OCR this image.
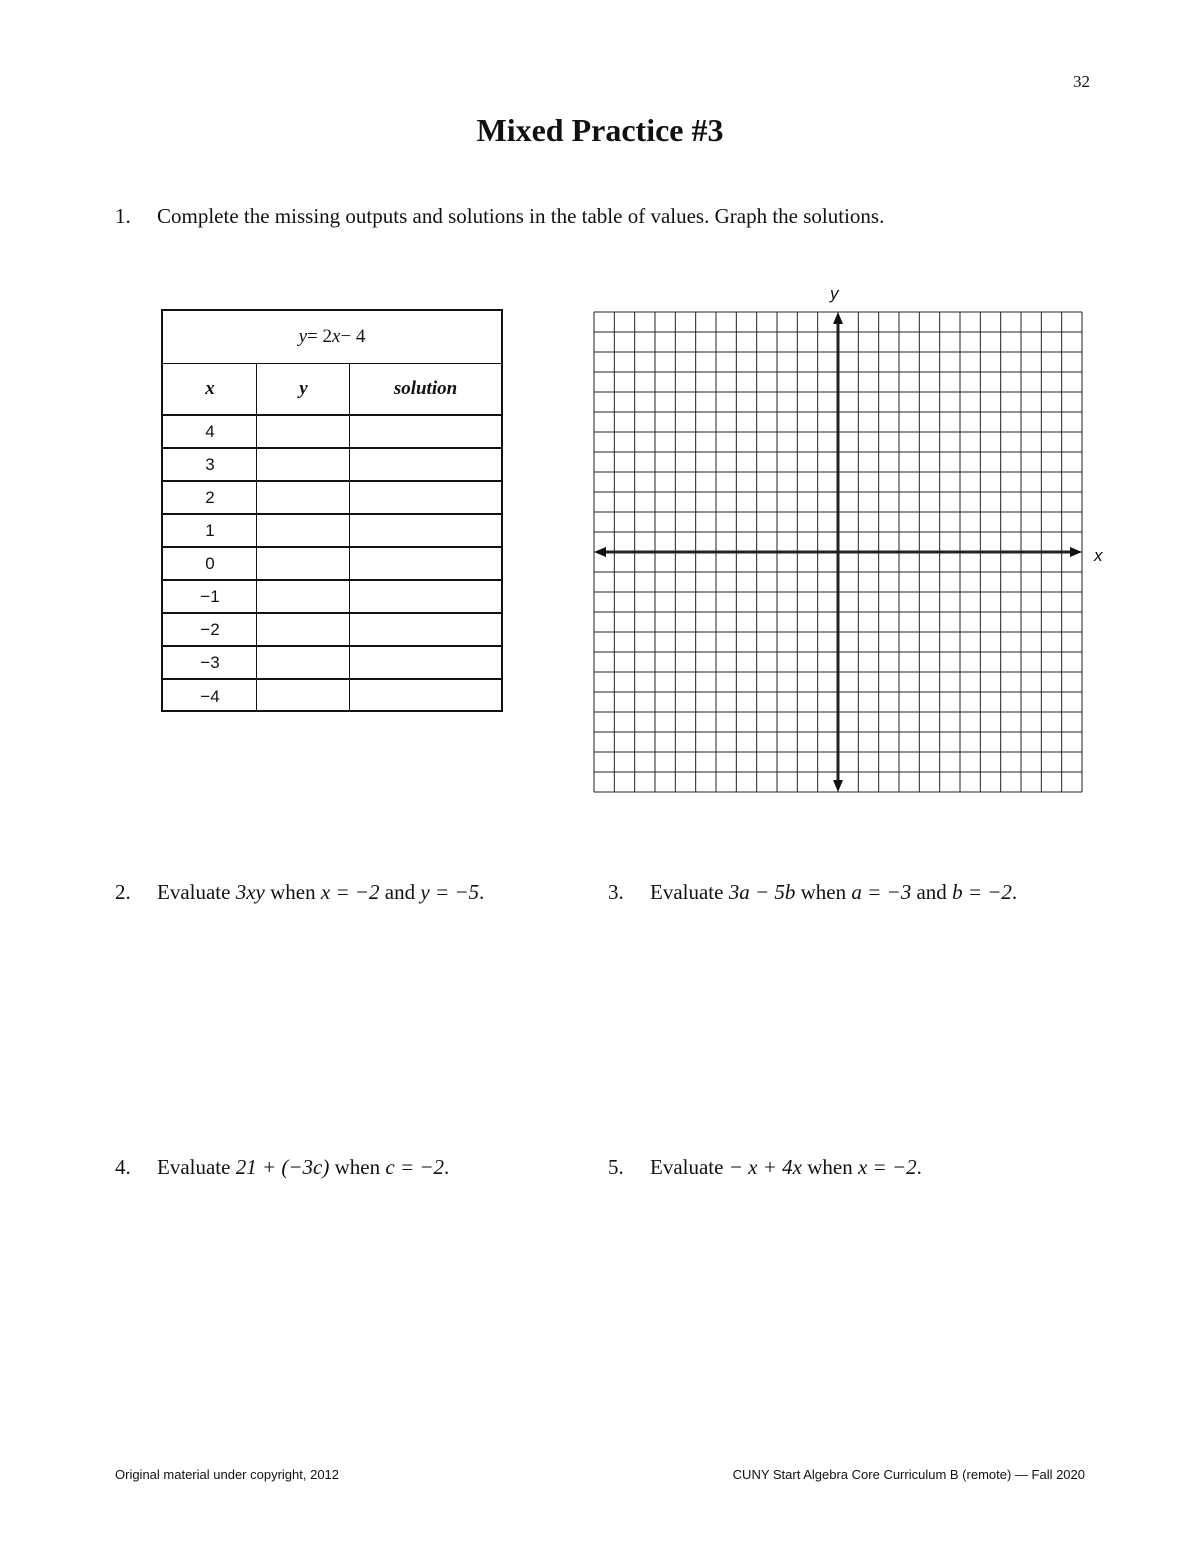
32
Mixed Practice #3
1. Complete the missing outputs and solutions in the table of values. Graph the solutions.
y = 2 x − 4
x	y	solution
4
3
2
1
0
−1
−2
−3
−4
y
x
2. Evaluate 3xy when x = −2 and y = −5.	3. Evaluate 3a − 5b when a = −3 and b = −2.
4. Evaluate 21 + (−3c) when c = −2.	5. Evaluate − x + 4x when x = −2.
Original material under copyright, 2012	CUNY Start Algebra Core Curriculum B (remote) — Fall 2020
